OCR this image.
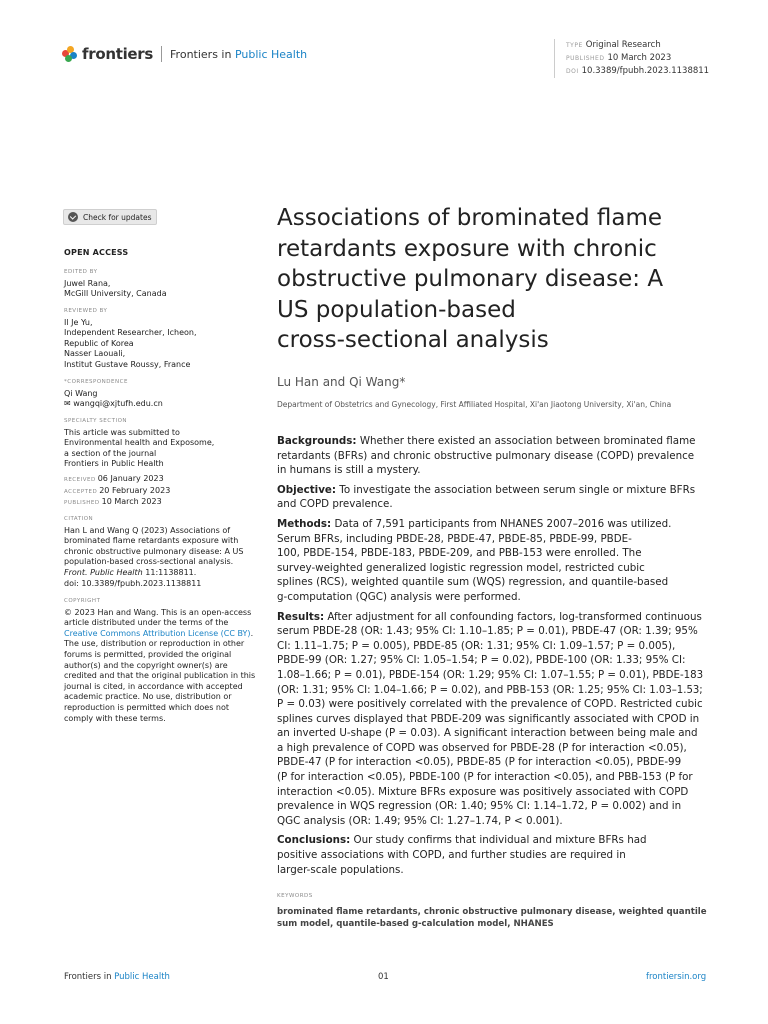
frontiers Frontiers in Public Health
TYPE Original Research
PUBLISHED 10 March 2023
DOI 10.3389/fpubh.2023.1138811
Check for updates
OPEN ACCESS
EDITED BY
Juwel Rana,
McGill University, Canada
REVIEWED BY
Il Je Yu,
Independent Researcher, Icheon,
Republic of Korea
Nasser Laouali,
Institut Gustave Roussy, France
*CORRESPONDENCE
Qi Wang
✉ wangqi@xjtufh.edu.cn
SPECIALTY SECTION
This article was submitted to
Environmental health and Exposome,
a section of the journal
Frontiers in Public Health
RECEIVED 06 January 2023
ACCEPTED 20 February 2023
PUBLISHED 10 March 2023
CITATION
Han L and Wang Q (2023) Associations of
brominated flame retardants exposure with
chronic obstructive pulmonary disease: A US
population-based cross-sectional analysis.
Front. Public Health 11:1138811.
doi: 10.3389/fpubh.2023.1138811
COPYRIGHT
© 2023 Han and Wang. This is an open-access
article distributed under the terms of the
Creative Commons Attribution License (CC BY).
The use, distribution or reproduction in other
forums is permitted, provided the original
author(s) and the copyright owner(s) are
credited and that the original publication in this
journal is cited, in accordance with accepted
academic practice. No use, distribution or
reproduction is permitted which does not
comply with these terms.
Associations of brominated flame
retardants exposure with chronic
obstructive pulmonary disease: A
US population-based
cross-sectional analysis
Lu Han and Qi Wang*
Department of Obstetrics and Gynecology, First Affiliated Hospital, Xi'an Jiaotong University, Xi'an, China

Backgrounds: Whether there existed an association between brominated flame
retardants (BFRs) and chronic obstructive pulmonary disease (COPD) prevalence
in humans is still a mystery.

Objective: To investigate the association between serum single or mixture BFRs
and COPD prevalence.

Methods: Data of 7,591 participants from NHANES 2007–2016 was utilized.
Serum BFRs, including PBDE-28, PBDE-47, PBDE-85, PBDE-99, PBDE-
100, PBDE-154, PBDE-183, PBDE-209, and PBB-153 were enrolled. The
survey-weighted generalized logistic regression model, restricted cubic
splines (RCS), weighted quantile sum (WQS) regression, and quantile-based
g-computation (QGC) analysis were performed.

Results: After adjustment for all confounding factors, log-transformed continuous
serum PBDE-28 (OR: 1.43; 95% CI: 1.10–1.85; P = 0.01), PBDE-47 (OR: 1.39; 95%
CI: 1.11–1.75; P = 0.005), PBDE-85 (OR: 1.31; 95% CI: 1.09–1.57; P = 0.005),
PBDE-99 (OR: 1.27; 95% CI: 1.05–1.54; P = 0.02), PBDE-100 (OR: 1.33; 95% CI:
1.08–1.66; P = 0.01), PBDE-154 (OR: 1.29; 95% CI: 1.07–1.55; P = 0.01), PBDE-183
(OR: 1.31; 95% CI: 1.04–1.66; P = 0.02), and PBB-153 (OR: 1.25; 95% CI: 1.03–1.53;
P = 0.03) were positively correlated with the prevalence of COPD. Restricted cubic
splines curves displayed that PBDE-209 was significantly associated with CPOD in
an inverted U-shape (P = 0.03). A significant interaction between being male and
a high prevalence of COPD was observed for PBDE-28 (P for interaction <0.05),
PBDE-47 (P for interaction <0.05), PBDE-85 (P for interaction <0.05), PBDE-99
(P for interaction <0.05), PBDE-100 (P for interaction <0.05), and PBB-153 (P for
interaction <0.05). Mixture BFRs exposure was positively associated with COPD
prevalence in WQS regression (OR: 1.40; 95% CI: 1.14–1.72, P = 0.002) and in
QGC analysis (OR: 1.49; 95% CI: 1.27–1.74, P < 0.001).

Conclusions: Our study confirms that individual and mixture BFRs had
positive associations with COPD, and further studies are required in
larger-scale populations.

KEYWORDS
brominated flame retardants, chronic obstructive pulmonary disease, weighted quantile
sum model, quantile-based g-calculation model, NHANES
Frontiers in Public Health	01	frontiersin.org
